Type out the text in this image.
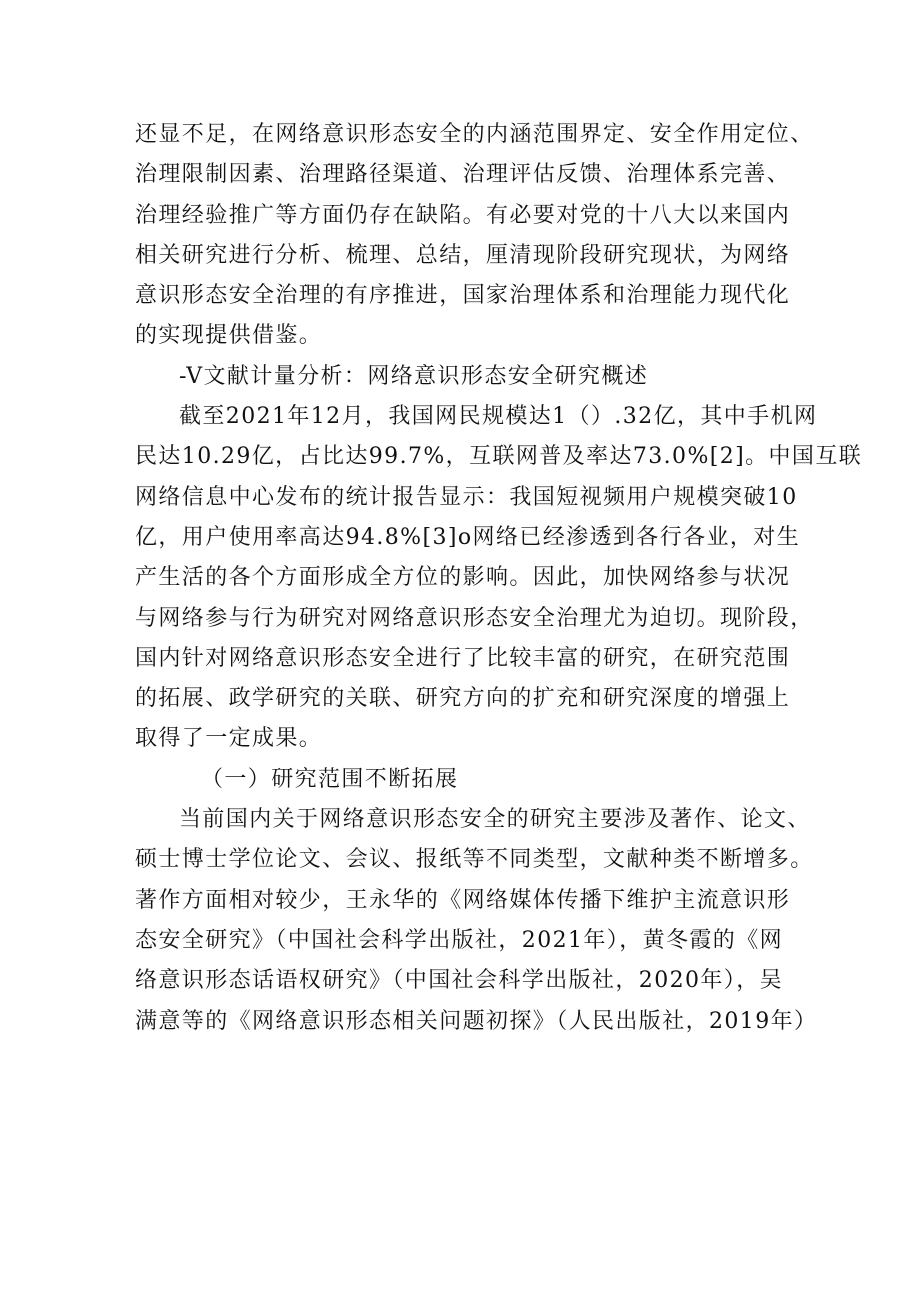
还显不足，在网络意识形态安全的内涵范围界定、安全作用定位、
治理限制因素、治理路径渠道、治理评估反馈、治理体系完善、
治理经验推广等方面仍存在缺陷。有必要对党的十八大以来国内
相关研究进行分析、梳理、总结，厘清现阶段研究现状，为网络
意识形态安全治理的有序推进，国家治理体系和治理能力现代化
的实现提供借鉴。
-V文献计量分析：网络意识形态安全研究概述
截至2021年12月，我国网民规模达1（）.32亿，其中手机网
民达10.29亿，占比达99.7%，互联网普及率达73.0%[2]。中国互联
网络信息中心发布的统计报告显示：我国短视频用户规模突破10
亿，用户使用率高达94.8%[3]o网络已经渗透到各行各业，对生
产生活的各个方面形成全方位的影响。因此，加快网络参与状况
与网络参与行为研究对网络意识形态安全治理尤为迫切。现阶段，
国内针对网络意识形态安全进行了比较丰富的研究，在研究范围
的拓展、政学研究的关联、研究方向的扩充和研究深度的增强上
取得了一定成果。
（一）研究范围不断拓展
当前国内关于网络意识形态安全的研究主要涉及著作、论文、
硕士博士学位论文、会议、报纸等不同类型，文献种类不断增多。
著作方面相对较少，王永华的《网络媒体传播下维护主流意识形
态安全研究》（中国社会科学出版社，2021年），黄冬霞的《网
络意识形态话语权研究》（中国社会科学出版社，2020年），吴
满意等的《网络意识形态相关问题初探》（人民出版社，2019年）
